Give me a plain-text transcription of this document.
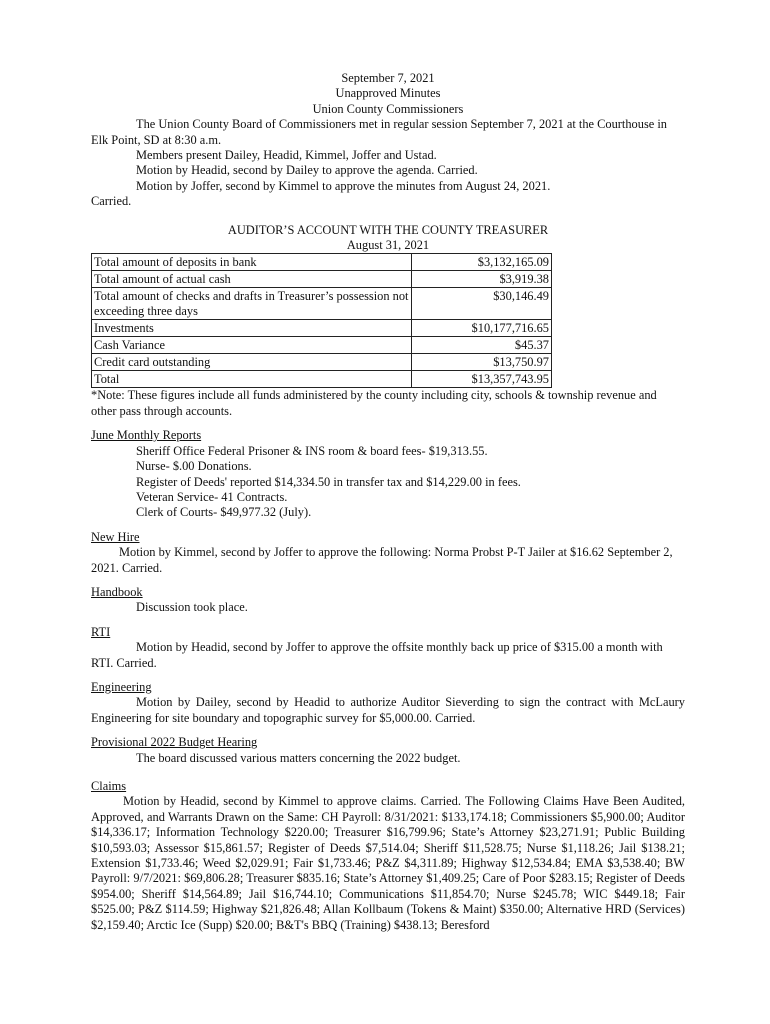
September 7, 2021

Unapproved Minutes

Union County Commissioners

The Union County Board of Commissioners met in regular session September 7, 2021 at the Courthouse in Elk Point, SD at 8:30 a.m.

Members present Dailey, Headid, Kimmel, Joffer and Ustad.

Motion by Headid, second by Dailey to approve the agenda. Carried.

Motion by Joffer, second by Kimmel to approve the minutes from August 24, 2021.

Carried.

AUDITOR’S ACCOUNT WITH THE COUNTY TREASURER

August 31, 2021

Total amount of deposits in bank	$3,132,165.09
Total amount of actual cash	$3,919.38
Total amount of checks and drafts in Treasurer’s possession not exceeding three days	$30,146.49
Investments	$10,177,716.65
Cash Variance	$45.37
Credit card outstanding	$13,750.97
Total	$13,357,743.95

*Note: These figures include all funds administered by the county including city, schools & township revenue and other pass through accounts.

June Monthly Reports

Sheriff Office Federal Prisoner & INS room & board fees- $19,313.55.

Nurse- $.00 Donations.

Register of Deeds' reported $14,334.50 in transfer tax and $14,229.00 in fees.

Veteran Service- 41 Contracts.

Clerk of Courts- $49,977.32 (July).

New Hire

Motion by Kimmel, second by Joffer to approve the following: Norma Probst P-T Jailer at $16.62 September 2, 2021. Carried.

Handbook

Discussion took place.

RTI

Motion by Headid, second by Joffer to approve the offsite monthly back up price of $315.00 a month with RTI. Carried.

Engineering

Motion by Dailey, second by Headid to authorize Auditor Sieverding to sign the contract with McLaury Engineering for site boundary and topographic survey for $5,000.00. Carried.

Provisional 2022 Budget Hearing

The board discussed various matters concerning the 2022 budget.

Claims

Motion by Headid, second by Kimmel to approve claims. Carried. The Following Claims Have Been Audited, Approved, and Warrants Drawn on the Same: CH Payroll: 8/31/2021: $133,174.18; Commissioners $5,900.00; Auditor $14,336.17; Information Technology $220.00; Treasurer $16,799.96; State’s Attorney $23,271.91; Public Building $10,593.03; Assessor $15,861.57; Register of Deeds $7,514.04; Sheriff $11,528.75; Nurse $1,118.26; Jail $138.21; Extension $1,733.46; Weed $2,029.91; Fair $1,733.46; P&Z $4,311.89; Highway $12,534.84; EMA $3,538.40; BW Payroll: 9/7/2021: $69,806.28; Treasurer $835.16; State’s Attorney $1,409.25; Care of Poor $283.15; Register of Deeds $954.00; Sheriff $14,564.89; Jail $16,744.10; Communications $11,854.70; Nurse $245.78; WIC $449.18; Fair $525.00; P&Z $114.59; Highway $21,826.48; Allan Kollbaum (Tokens & Maint) $350.00; Alternative HRD (Services) $2,159.40; Arctic Ice (Supp) $20.00; B&T's BBQ (Training) $438.13; Beresford
